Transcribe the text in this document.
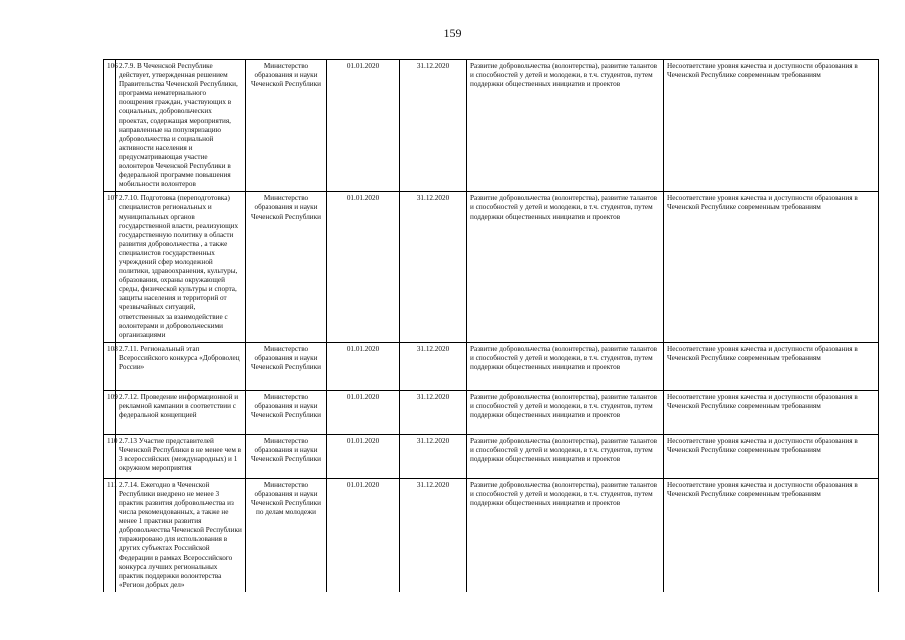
159
106	2.7.9. В Чеченской Республике действует, утвержденная решением Правительства Чеченской Республики, программа нематериального поощрения граждан, участвующих в социальных, добровольческих проектах, содержащая мероприятия, направленные на популяризацию добровольчества и социальной активности населения и предусматривающая участие волонтеров Чеченской Республики в федеральной программе повышения мобильности волонтеров	Министерство образования и науки Чеченской Республики	01.01.2020	31.12.2020	Развитие добровольчества (волонтерства), развитие талантов и способностей у детей и молодежи, в т.ч. студентов, путем поддержки общественных инициатив и проектов	Несоответствие уровня качества и доступности образования в Чеченской Республике современным требованиям
107	2.7.10. Подготовка (переподготовка) специалистов региональных и муниципальных органов государственной власти, реализующих государственную политику в области развития добровольчества , а также специалистов государственных учреждений сфер молодежной политики, здравоохранения, культуры, образования, охраны окружающей среды, физической культуры и спорта, защиты населения и территорий от чрезвычайных ситуаций, ответственных за взаимодействие с волонтерами и добровольческими организациями	Министерство образования и науки Чеченской Республики	01.01.2020	31.12.2020	Развитие добровольчества (волонтерства), развитие талантов и способностей у детей и молодежи, в т.ч. студентов, путем поддержки общественных инициатив и проектов	Несоответствие уровня качества и доступности образования в Чеченской Республике современным требованиям
108	2.7.11. Региональный этап Всероссийского конкурса «Доброволец России»	Министерство образования и науки Чеченской Республики	01.01.2020	31.12.2020	Развитие добровольчества (волонтерства), развитие талантов и способностей у детей и молодежи, в т.ч. студентов, путем поддержки общественных инициатив и проектов	Несоответствие уровня качества и доступности образования в Чеченской Республике современным требованиям
109	2.7.12. Проведение информационной и рекламной кампании в соответствии с федеральной концепцией	Министерство образования и науки Чеченской Республики	01.01.2020	31.12.2020	Развитие добровольчества (волонтерства), развитие талантов и способностей у детей и молодежи, в т.ч. студентов, путем поддержки общественных инициатив и проектов	Несоответствие уровня качества и доступности образования в Чеченской Республике современным требованиям
110	2.7.13 Участие представителей Чеченской Республики в не менее чем в 3 всероссийских (международных) и 1 окружном мероприятия	Министерство образования и науки Чеченской Республики	01.01.2020	31.12.2020	Развитие добровольчества (волонтерства), развитие талантов и способностей у детей и молодежи, в т.ч. студентов, путем поддержки общественных инициатив и проектов	Несоответствие уровня качества и доступности образования в Чеченской Республике современным требованиям
111	2.7.14. Ежегодно в Чеченской Республики внедрено не менее 3 практик развития добровольчества из числа рекомендованных, а также не менее 1 практики развития добровольчества Чеченской Республики тиражировано для использования в других субъектах Российской Федерации в рамках Всероссийского конкурса лучших региональных практик поддержки волонтерства «Регион добрых дел»	Министерство образования и науки Чеченской Республики по делам молодежи	01.01.2020	31.12.2020	Развитие добровольчества (волонтерства), развитие талантов и способностей у детей и молодежи, в т.ч. студентов, путем поддержки общественных инициатив и проектов	Несоответствие уровня качества и доступности образования в Чеченской Республике современным требованиям
